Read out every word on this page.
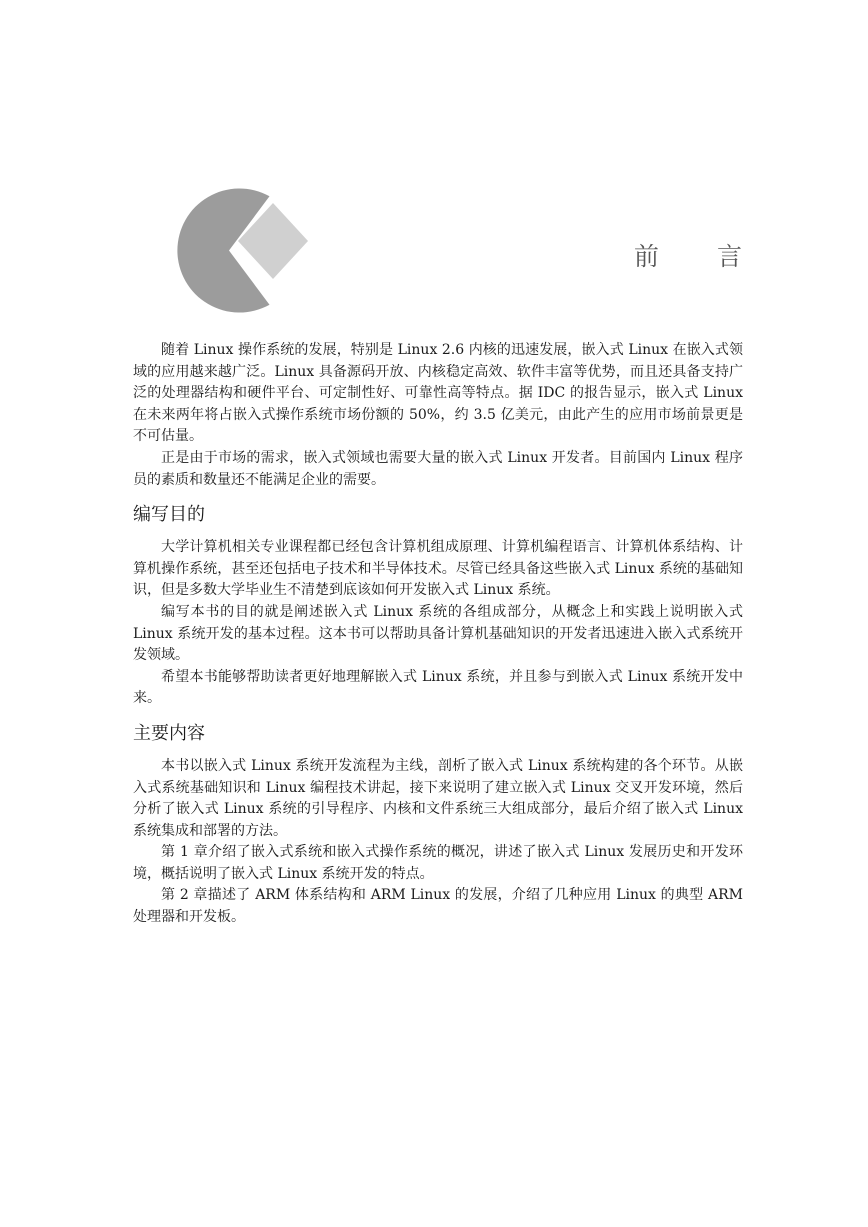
前言

随着 Linux 操作系统的发展，特别是 Linux 2.6 内核的迅速发展，嵌入式 Linux 在嵌入式领域的应用越来越广泛。Linux 具备源码开放、内核稳定高效、软件丰富等优势，而且还具备支持广泛的处理器结构和硬件平台、可定制性好、可靠性高等特点。据 IDC 的报告显示，嵌入式 Linux 在未来两年将占嵌入式操作系统市场份额的 50%，约 3.5 亿美元，由此产生的应用市场前景更是不可估量。

正是由于市场的需求，嵌入式领域也需要大量的嵌入式 Linux 开发者。目前国内 Linux 程序员的素质和数量还不能满足企业的需要。

编写目的

大学计算机相关专业课程都已经包含计算机组成原理、计算机编程语言、计算机体系结构、计算机操作系统，甚至还包括电子技术和半导体技术。尽管已经具备这些嵌入式 Linux 系统的基础知识，但是多数大学毕业生不清楚到底该如何开发嵌入式 Linux 系统。

编写本书的目的就是阐述嵌入式 Linux 系统的各组成部分，从概念上和实践上说明嵌入式 Linux 系统开发的基本过程。这本书可以帮助具备计算机基础知识的开发者迅速进入嵌入式系统开发领域。

希望本书能够帮助读者更好地理解嵌入式 Linux 系统，并且参与到嵌入式 Linux 系统开发中来。

主要内容

本书以嵌入式 Linux 系统开发流程为主线，剖析了嵌入式 Linux 系统构建的各个环节。从嵌入式系统基础知识和 Linux 编程技术讲起，接下来说明了建立嵌入式 Linux 交叉开发环境，然后分析了嵌入式 Linux 系统的引导程序、内核和文件系统三大组成部分，最后介绍了嵌入式 Linux 系统集成和部署的方法。

第 1 章介绍了嵌入式系统和嵌入式操作系统的概况，讲述了嵌入式 Linux 发展历史和开发环境，概括说明了嵌入式 Linux 系统开发的特点。

第 2 章描述了 ARM 体系结构和 ARM Linux 的发展，介绍了几种应用 Linux 的典型 ARM 处理器和开发板。
